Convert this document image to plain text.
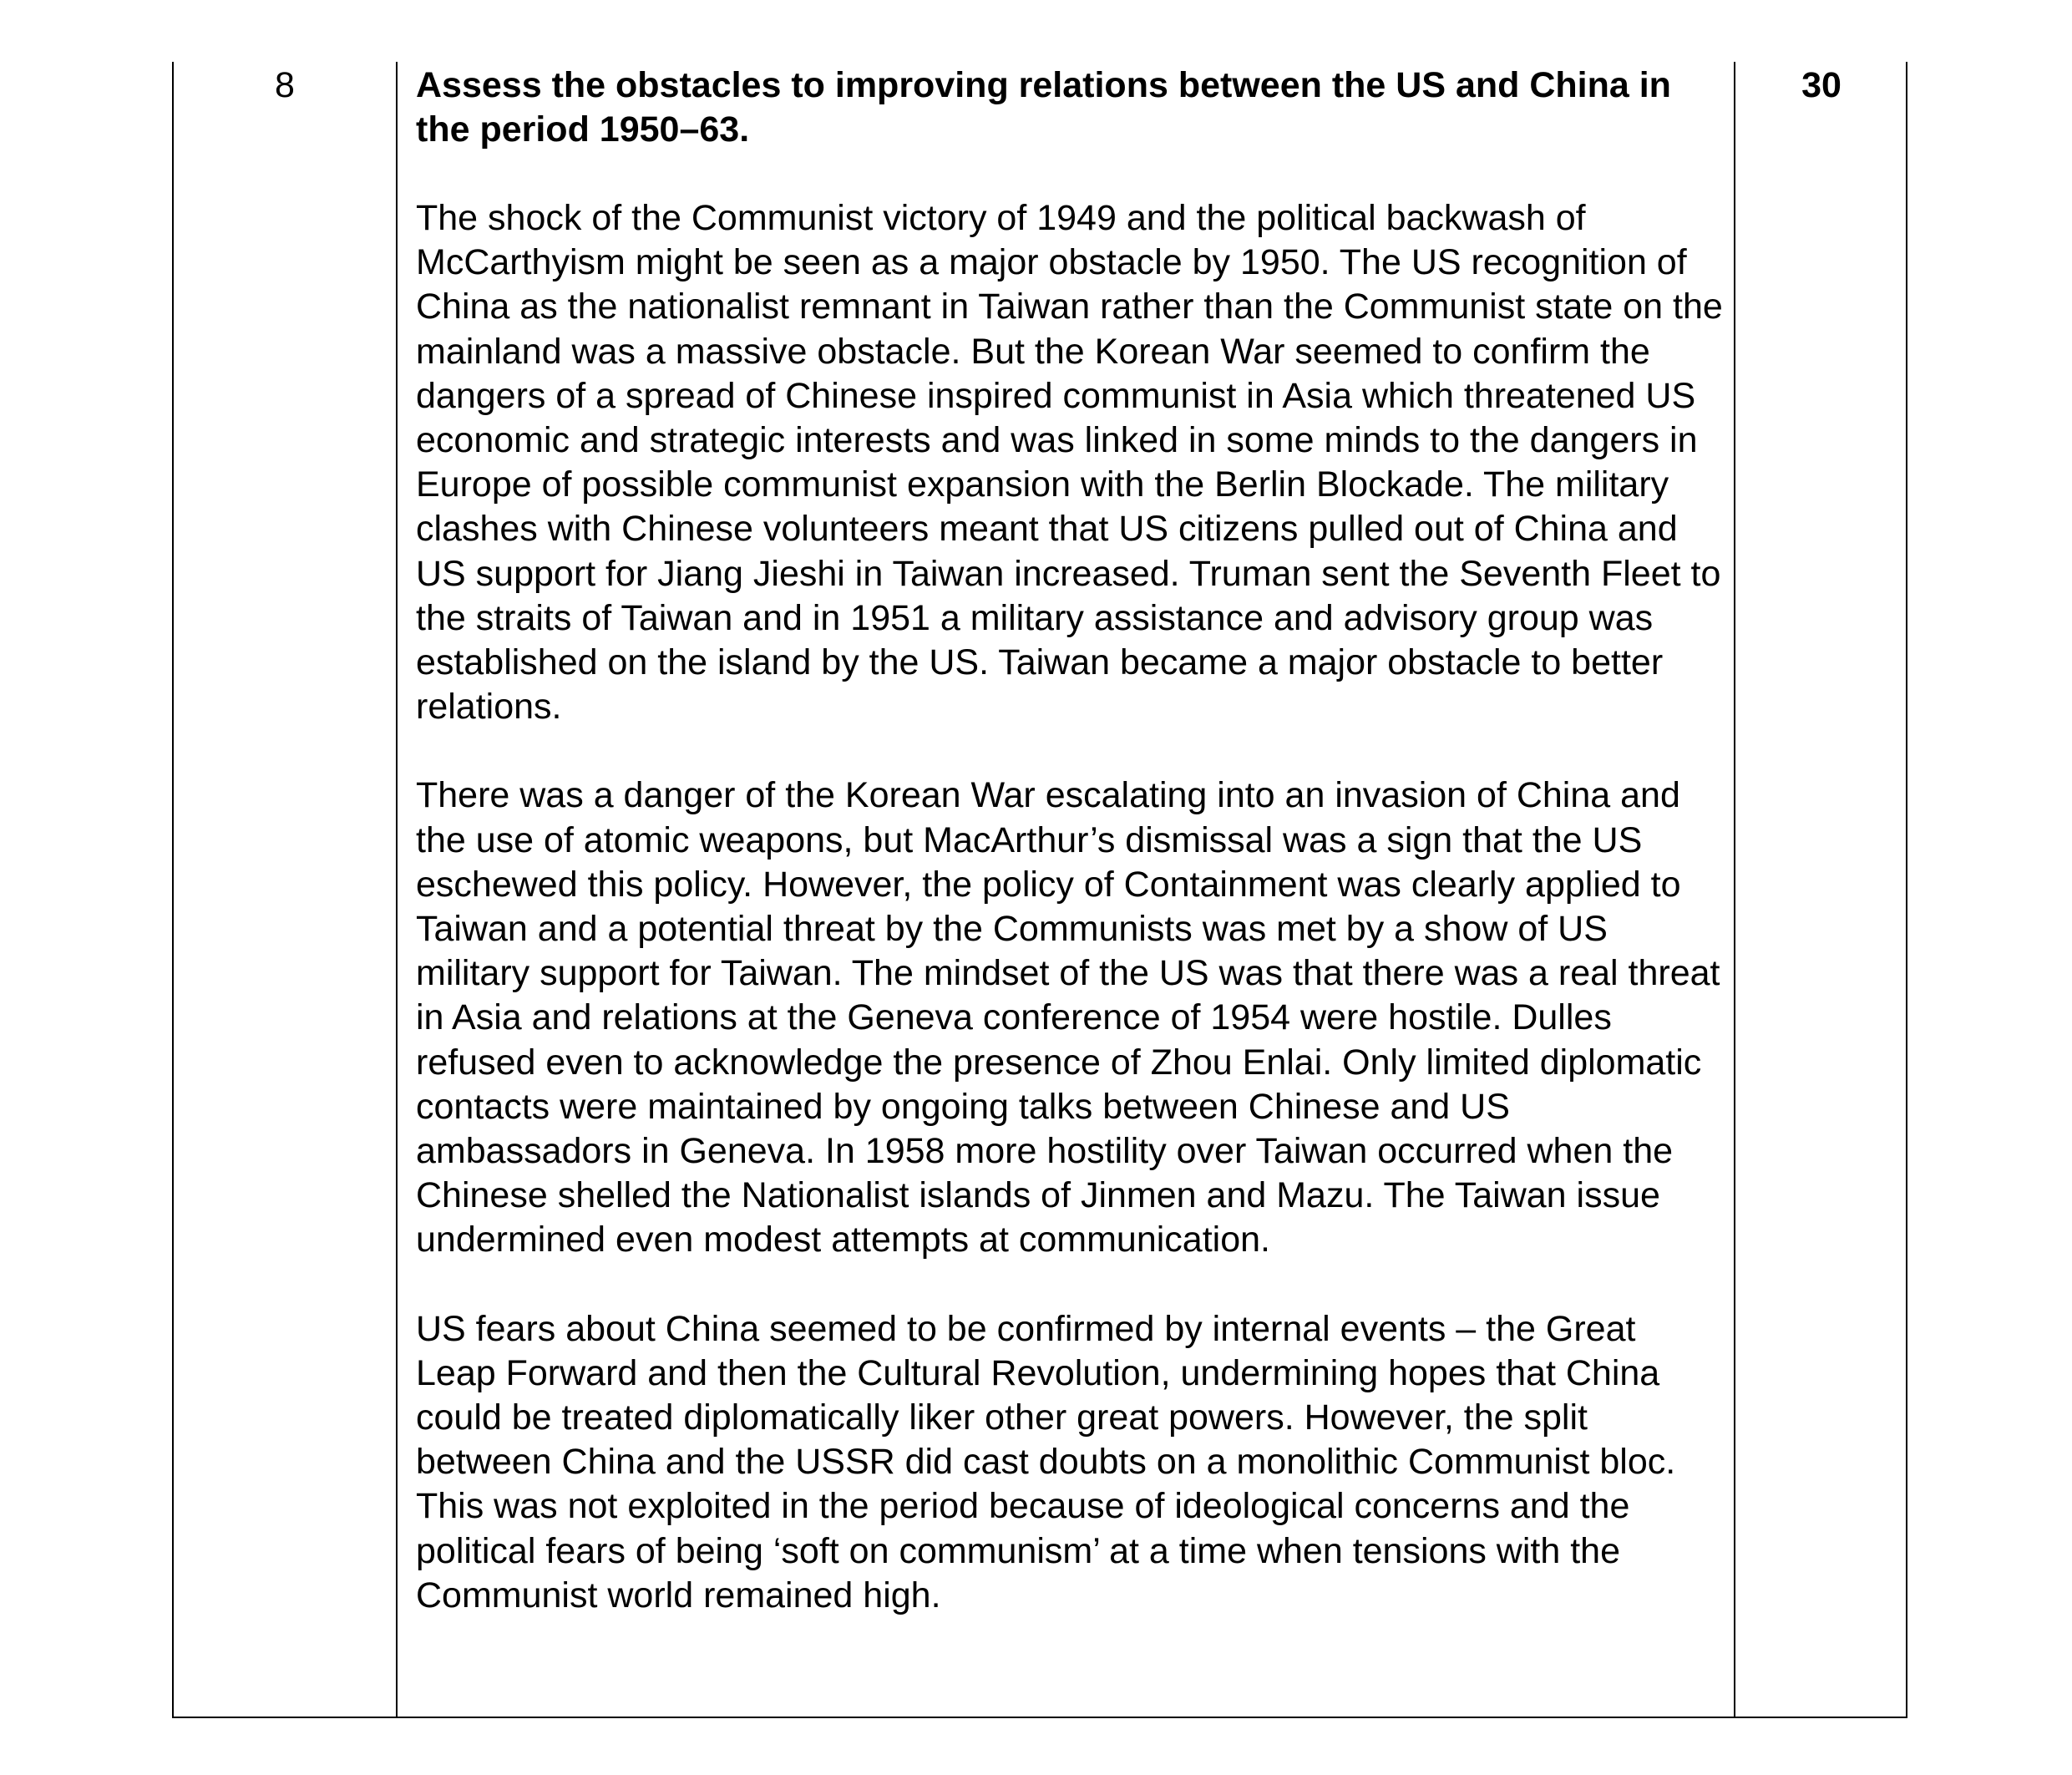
8	Assess the obstacles to improving relations between the US and China in the period 1950–63.

The shock of the Communist victory of 1949 and the political backwash of McCarthyism might be seen as a major obstacle by 1950. The US recognition of China as the nationalist remnant in Taiwan rather than the Communist state on the mainland was a massive obstacle. But the Korean War seemed to confirm the dangers of a spread of Chinese inspired communist in Asia which threatened US economic and strategic interests and was linked in some minds to the dangers in Europe of possible communist expansion with the Berlin Blockade. The military clashes with Chinese volunteers meant that US citizens pulled out of China and US support for Jiang Jieshi in Taiwan increased. Truman sent the Seventh Fleet to the straits of Taiwan and in 1951 a military assistance and advisory group was established on the island by the US. Taiwan became a major obstacle to better relations.

There was a danger of the Korean War escalating into an invasion of China and the use of atomic weapons, but MacArthur’s dismissal was a sign that the US eschewed this policy. However, the policy of Containment was clearly applied to Taiwan and a potential threat by the Communists was met by a show of US military support for Taiwan. The mindset of the US was that there was a real threat in Asia and relations at the Geneva conference of 1954 were hostile. Dulles refused even to acknowledge the presence of Zhou Enlai. Only limited diplomatic contacts were maintained by ongoing talks between Chinese and US ambassadors in Geneva. In 1958 more hostility over Taiwan occurred when the Chinese shelled the Nationalist islands of Jinmen and Mazu. The Taiwan issue undermined even modest attempts at communication.

US fears about China seemed to be confirmed by internal events – the Great Leap Forward and then the Cultural Revolution, undermining hopes that China could be treated diplomatically liker other great powers. However, the split between China and the USSR did cast doubts on a monolithic Communist bloc. This was not exploited in the period because of ideological concerns and the political fears of being ‘soft on communism’ at a time when tensions with the Communist world remained high.

30
